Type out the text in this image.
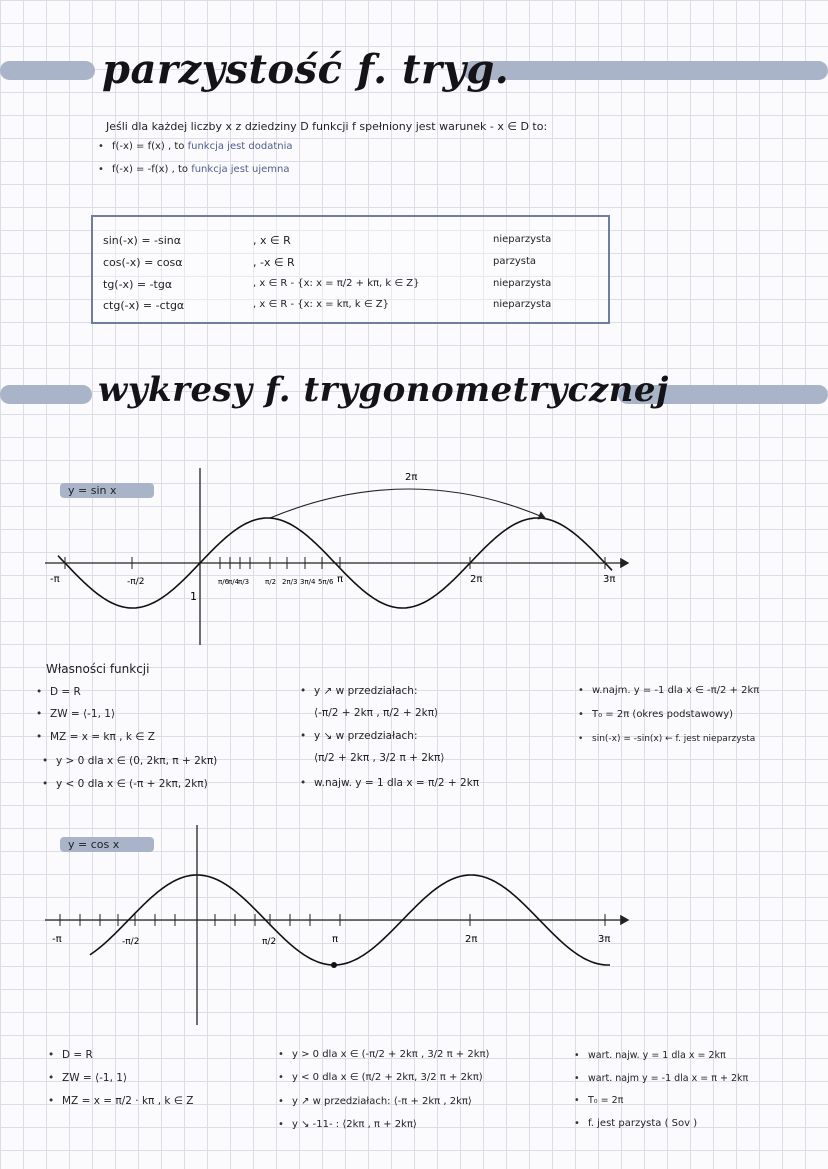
parzystość f. tryg.
Jeśli dla każdej liczby x z dziedziny D funkcji f spełniony jest warunek - x ∈ D to:
• f(-x) = f(x) , to funkcja jest dodatnia
• f(-x) = -f(x) , to funkcja jest ujemna
sin(-x) = -sinα	, x ∈ R	nieparzysta
cos(-x) = cosα	, -x ∈ R	parzysta
tg(-x) = -tgα	, x ∈ R - {x: x = π/2 + kπ, k ∈ Z}	nieparzysta
ctg(-x) = -ctgα	, x ∈ R - {x: x = kπ, k ∈ Z}	nieparzysta
wykresy f. trygonometrycznej
y = sin x
2π
1
-π	-π/2	π/6
π/4
π/3 π/2 2π/3 3π/4 5π/6 π	2π	3π
Własności funkcji
• D = R
• ZW = ⟨-1, 1⟩
• MZ = x = kπ , k ∈ Z
• y > 0 dla x ∈ (0, 2kπ, π + 2kπ)
• y < 0 dla x ∈ (-π + 2kπ, 2kπ)
• y ↗ w przedziałach:
⟨-π/2 + 2kπ , π/2 + 2kπ⟩
• y ↘ w przedziałach:
⟨π/2 + 2kπ , 3/2 π + 2kπ⟩
• w.najw. y = 1 dla x = π/2 + 2kπ
• w.najm. y = -1 dla x ∈ -π/2 + 2kπ
• T₀ = 2π (okres podstawowy)
• sin(-x) = -sin(x) ← f. jest nieparzysta
y = cos x
-π	-π/2	π/2	π	2π	3π
• D = R
• ZW = ⟨-1, 1⟩
• MZ = x = π/2 · kπ , k ∈ Z
• y > 0 dla x ∈ (-π/2 + 2kπ , 3/2 π + 2kπ)
• y < 0 dla x ∈ (π/2 + 2kπ, 3/2 π + 2kπ)
• y ↗ w przedziałach: ⟨-π + 2kπ , 2kπ⟩
• y ↘ -11- : ⟨2kπ , π + 2kπ⟩
• wart. najw. y = 1 dla x = 2kπ
• wart. najm y = -1 dla x = π + 2kπ
• T₀ = 2π
• f. jest parzysta ( Sov )
